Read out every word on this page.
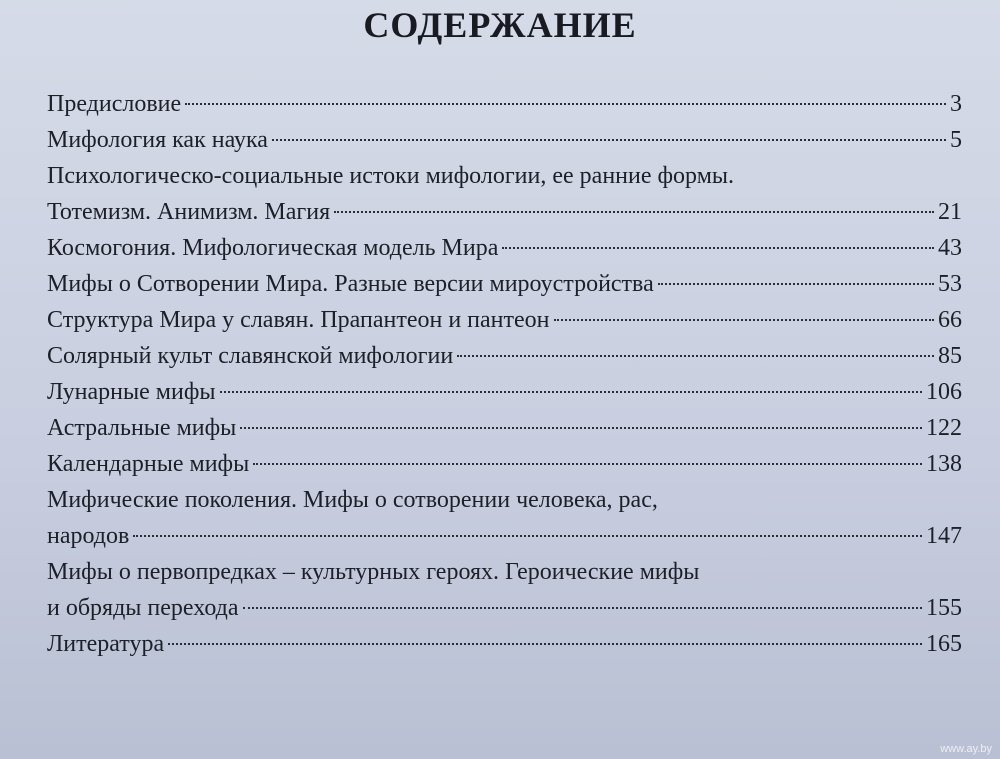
СОДЕРЖАНИЕ
Предисловие	3
Мифология как наука	5
Психологическо-социальные истоки мифологии, ее ранние формы.
Тотемизм. Анимизм. Магия	21
Космогония. Мифологическая модель Мира	43
Мифы о Сотворении Мира. Разные версии мироустройства	53
Структура Мира у славян. Прапантеон и пантеон	66
Солярный культ славянской мифологии	85
Лунарные мифы	106
Астральные мифы	122
Календарные мифы	138
Мифические поколения. Мифы о сотворении человека, рас,
народов	147
Мифы о первопредках – культурных героях. Героические мифы
и обряды перехода	155
Литература	165
www.ay.by
